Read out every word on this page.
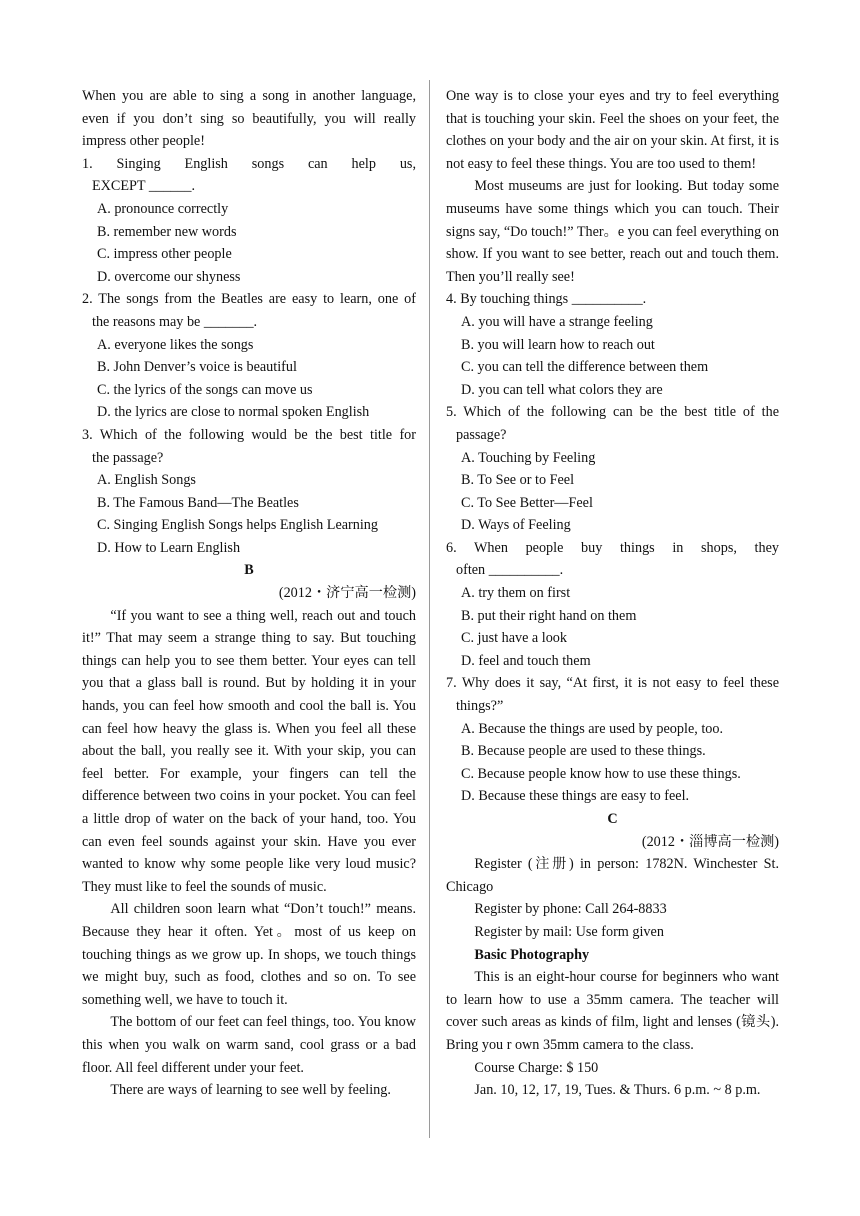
When you are able to sing a song in another language, even if you don’t sing so beautifully, you will really impress other people!

1. Singing English songs can help us,

EXCEPT ______.

A. pronounce correctly

B. remember new words

C. impress other people

D. overcome our shyness

2. The songs from the Beatles are easy to learn, one of

the reasons may be _______.

A. everyone likes the songs

B. John Denver’s voice is beautiful

C. the lyrics of the songs can move us

D. the lyrics are close to normal spoken English

3. Which of the following would be the best title for

the passage?

A. English Songs

B. The Famous Band—The Beatles

C. Singing English Songs helps English Learning

D. How to Learn English

B

(2012・济宁高一检测)

“If you want to see a thing well, reach out and touch it!” That may seem a strange thing to say. But touching things can help you to see them better. Your eyes can tell you that a glass ball is round. But by holding it in your hands, you can feel how smooth and cool the ball is. You can feel how heavy the glass is. When you feel all these about the ball, you really see it. With your skip, you can feel better. For example, your fingers can tell the difference between two coins in your pocket. You can feel a little drop of water on the back of your hand, too. You can even feel sounds against your skin. Have you ever wanted to know why some people like very loud music? They must like to feel the sounds of music.

All children soon learn what “Don’t touch!” means. Because they hear it often. Yet。most of us keep on touching things as we grow up. In shops, we touch things we might buy, such as food, clothes and so on. To see something well, we have to touch it.

The bottom of our feet can feel things, too. You know this when you walk on warm sand, cool grass or a bad floor. All feel different under your feet.

There are ways of learning to see well by feeling.

One way is to close your eyes and try to feel everything that is touching your skin. Feel the shoes on your feet, the clothes on your body and the air on your skin. At first, it is not easy to feel these things. You are too used to them!

Most museums are just for looking. But today some museums have some things which you can touch. Their signs say, “Do touch!” Ther。e you can feel everything on show. If you want to see better, reach out and touch them. Then you’ll really see!

4. By touching things __________.

A. you will have a strange feeling

B. you will learn how to reach out

C. you can tell the difference between them

D. you can tell what colors they are

5. Which of the following can be the best title of the

passage?

A. Touching by Feeling

B. To See or to Feel

C. To See Better—Feel

D. Ways of Feeling

6. When people buy things in shops, they

often __________.

A. try them on first

B. put their right hand on them

C. just have a look

D. feel and touch them

7. Why does it say, “At first, it is not easy to feel these

things?”

A. Because the things are used by people, too.

B. Because people are used to these things.

C. Because people know how to use these things.

D. Because these things are easy to feel.

C

(2012・淄博高一检测)

Register (注册) in person: 1782N. Winchester St. Chicago

Register by phone: Call 264-8833

Register by mail: Use form given

Basic Photography

This is an eight-hour course for beginners who want to learn how to use a 35mm camera. The teacher will cover such areas as kinds of film, light and lenses (镜头). Bring you r own 35mm camera to the class.

Course Charge: $ 150

Jan. 10, 12, 17, 19, Tues. & Thurs. 6 p.m. ~ 8 p.m.
